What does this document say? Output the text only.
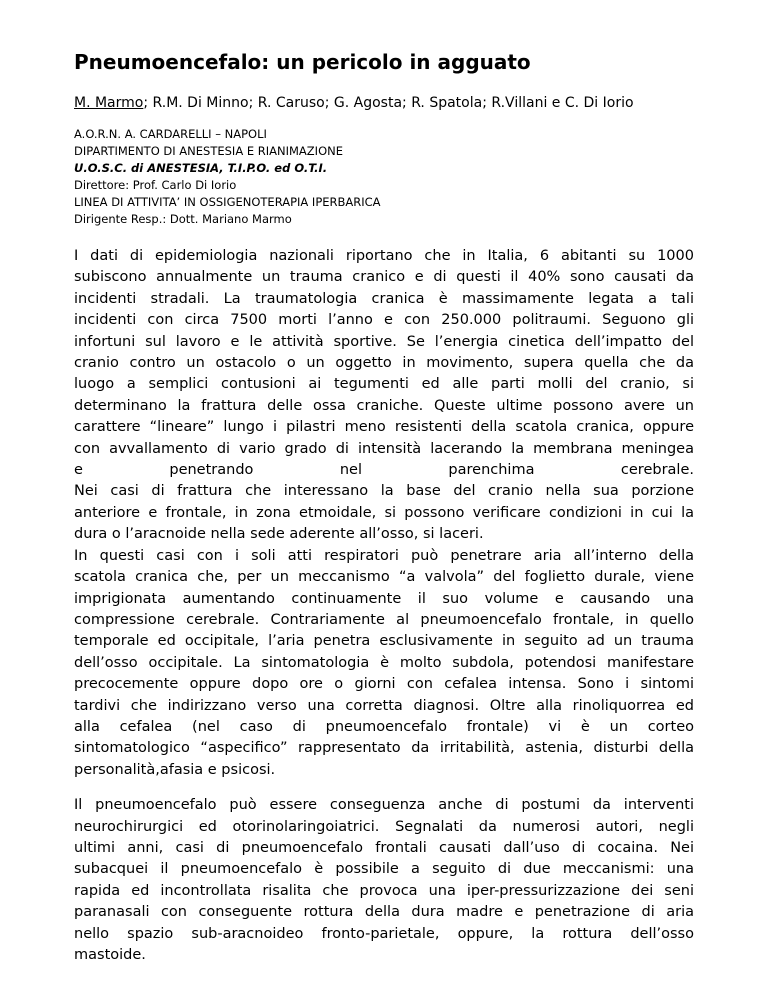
Pneumoencefalo: un pericolo in agguato
M. Marmo; R.M. Di Minno; R. Caruso; G. Agosta; R. Spatola; R.Villani e C. Di Iorio
A.O.R.N. A. CARDARELLI – NAPOLI
DIPARTIMENTO DI ANESTESIA E RIANIMAZIONE
U.O.S.C. di ANESTESIA, T.I.P.O. ed O.T.I.
Direttore: Prof. Carlo Di Iorio
LINEA DI ATTIVITA’ IN OSSIGENOTERAPIA IPERBARICA
Dirigente Resp.: Dott. Mariano Marmo

I dati di epidemiologia nazionali riportano che in Italia, 6 abitanti su 1000
subiscono annualmente un trauma cranico e di questi il 40% sono causati da
incidenti stradali. La traumatologia cranica è massimamente legata a tali
incidenti con circa 7500 morti l’anno e con 250.000 politraumi. Seguono gli
infortuni sul lavoro e le attività sportive. Se l’energia cinetica dell’impatto del
cranio contro un ostacolo o un oggetto in movimento, supera quella che da
luogo a semplici contusioni ai tegumenti ed alle parti molli del cranio, si
determinano la frattura delle ossa craniche. Queste ultime possono avere un
carattere “lineare” lungo i pilastri meno resistenti della scatola cranica, oppure
con avvallamento di vario grado di intensità lacerando la membrana meningea
e penetrando nel parenchima cerebrale.
Nei casi di frattura che interessano la base del cranio nella sua porzione
anteriore e frontale, in zona etmoidale, si possono verificare condizioni in cui la
dura o l’aracnoide nella sede aderente all’osso, si laceri.
In questi casi con i soli atti respiratori può penetrare aria all’interno della
scatola cranica che, per un meccanismo “a valvola” del foglietto durale, viene
imprigionata aumentando continuamente il suo volume e causando una
compressione cerebrale. Contrariamente al pneumoencefalo frontale, in quello
temporale ed occipitale, l’aria penetra esclusivamente in seguito ad un trauma
dell’osso occipitale. La sintomatologia è molto subdola, potendosi manifestare
precocemente oppure dopo ore o giorni con cefalea intensa. Sono i sintomi
tardivi che indirizzano verso una corretta diagnosi. Oltre alla rinoliquorrea ed
alla cefalea (nel caso di pneumoencefalo frontale) vi è un corteo
sintomatologico “aspecifico” rappresentato da irritabilità, astenia, disturbi della
personalità,afasia e psicosi.

Il pneumoencefalo può essere conseguenza anche di postumi da interventi
neurochirurgici ed otorinolaringoiatrici. Segnalati da numerosi autori, negli
ultimi anni, casi di pneumoencefalo frontali causati dall’uso di cocaina. Nei
subacquei il pneumoencefalo è possibile a seguito di due meccanismi: una
rapida ed incontrollata risalita che provoca una iper-pressurizzazione dei seni
paranasali con conseguente rottura della dura madre e penetrazione di aria
nello spazio sub-aracnoideo fronto-parietale, oppure, la rottura dell’osso
mastoide.
